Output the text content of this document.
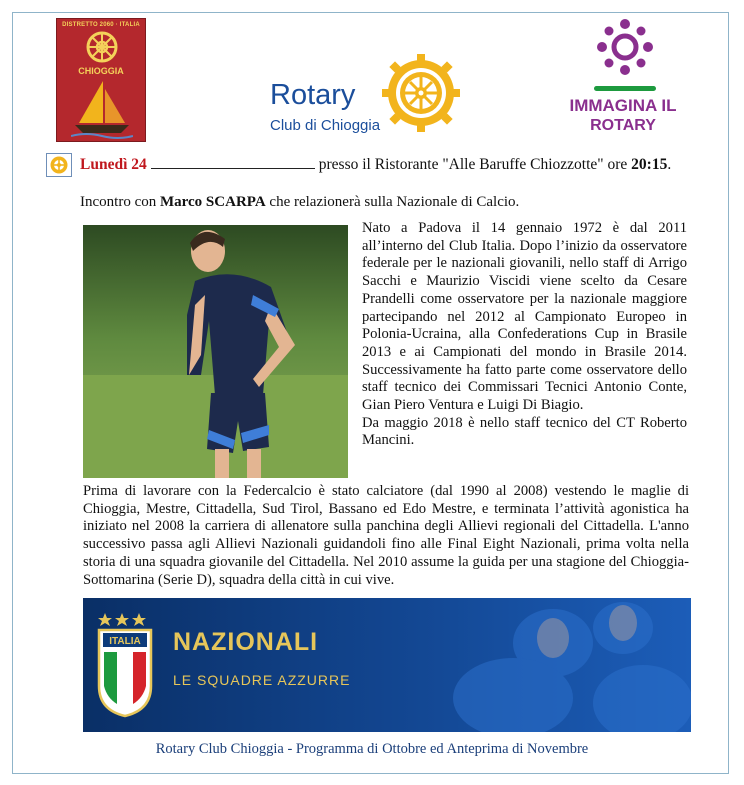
DISTRETTO 2060 · ITALIA
CHIOGGIA
Rotary
Club di Chioggia
IMMAGINA IL
ROTARY
Lunedì 24	presso il Ristorante "Alle Baruffe Chiozzotte" ore 20:15.
Incontro con Marco SCARPA che relazionerà sulla Nazionale di Calcio.

Nato a Padova il 14 gennaio 1972 è dal 2011 all’interno del Club Italia. Dopo l’inizio da osservatore federale per le nazionali giovanili, nello staff di Arrigo Sacchi e Maurizio Viscidi viene scelto da Cesare Prandelli come osservatore per la nazionale maggiore partecipando nel 2012 al Campionato Europeo in Polonia-Ucraina, alla Confederations Cup in Brasile 2013 e ai Campionati del mondo in Brasile 2014. Successivamente ha fatto parte come osservatore dello staff tecnico dei Commissari Tecnici Antonio Conte, Gian Piero Ventura e Luigi Di Biagio.

Da maggio 2018 è nello staff tecnico del CT Roberto Mancini.

Prima di lavorare con la Federcalcio è stato calciatore (dal 1990 al 2008) vestendo le maglie di Chioggia, Mestre, Cittadella, Sud Tirol, Bassano ed Edo Mestre, e terminata l’attività agonistica ha iniziato nel 2008 la carriera di allenatore sulla panchina degli Allievi regionali del Cittadella. L'anno successivo passa agli Allievi Nazionali guidandoli fino alle Final Eight Nazionali, prima volta nella storia di una squadra giovanile del Cittadella. Nel 2010 assume la guida per una stagione del Chioggia-Sottomarina (Serie D), squadra della città in cui vive.
ITALIA NAZIONALI
LE SQUADRE AZZURRE
Rotary Club Chioggia - Programma di Ottobre ed Anteprima di Novembre
